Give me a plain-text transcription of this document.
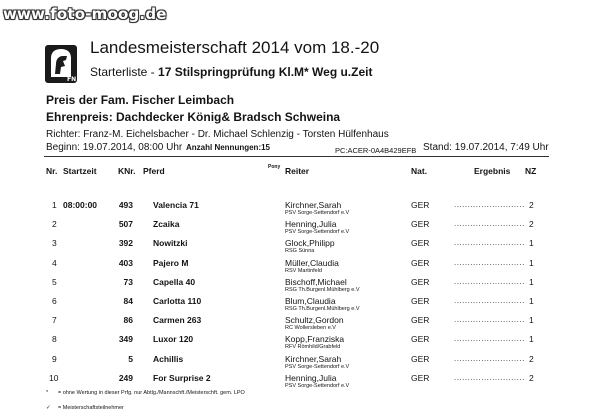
www.foto-moog.de
FN
Landesmeisterschaft 2014 vom 18.-20
Starterliste - 17 Stilspringprüfung Kl.M* Weg u.Zeit
Preis der Fam. Fischer Leimbach
Ehrenpreis: Dachdecker König& Bradsch Schweina
Richter: Franz-M. Eichelsbacher - Dr. Michael Schlenzig - Torsten Hülfenhaus
Beginn: 19.07.2014, 08:00 Uhr Anzahl Nennungen:15	PC:ACER-0A4B429EFB Stand: 19.07.2014, 7:49 Uhr
Nr. Startzeit	KNr. Pferd	Pony Reiter	Nat.	Ergebnis NZ
1 08:00:00	493 Valencia 71	Kirchner,Sarah	GER	2
PSV Sorge-Settendorf e.V
..........................
2	507 Zcaika	Henning,Julia	GER	2
PSV Sorge-Settendorf e.V
..........................
3	392 Nowitzki	Glock,Philipp	GER	1
RSG Sünna
..........................
4	403 Pajero M	Müller,Claudia	GER	1
RSV Martinfeld
..........................
5	73 Capella 40	Bischoff,Michael	GER	1
RSG Th.Burgenl.Mühlberg e.V
..........................
6	84 Carlotta 110	Blum,Claudia	GER	1
RSG Th.Burgenl.Mühlberg e.V
..........................
7	86 Carmen 263	Schultz,Gordon	GER	1
RC Wollersleben e.V
..........................
8	349 Luxor 120	Kopp,Franziska	GER	1
RFV Römhild/Grabfeld
..........................
9	5 Achillis	Kirchner,Sarah	GER	2
PSV Sorge-Settendorf e.V
..........................
10	249 For Surprise 2	Henning,Julia	GER	2
PSV Sorge-Settendorf e.V
..........................
* = ohne Wertung in dieser Prfg. nur Abtlg./Mannschft./Meisterschft. gem. LPO
✓ = Meisterschaftsteilnehmer
